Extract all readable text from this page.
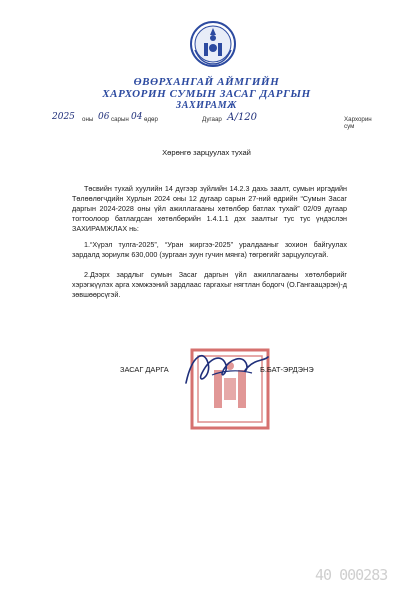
ӨВӨРХАНГАЙ АЙМГИЙН
ХАРХОРИН СУМЫН ЗАСАГ ДАРГЫН
ЗАХИРАМЖ
2025 оны 06 сарын 04 өдөр	Дугаар А/120	Хархорин сум
Хөрөнгө зарцуулах тухай

Төсвийн тухай хуулийн 14 дүгээр зүйлийн 14.2.3 дахь заалт, сумын иргэдийн Төлөөлөгчдийн Хурлын 2024 оны 12 дугаар сарын 27-ний өдрийн “Сумын Засаг даргын 2024-2028 оны үйл ажиллагааны хөтөлбөр батлах тухай” 02/09 дугаар тогтоолоор батлагдсан хөтөлбөрийн 1.4.1.1 дэх заалтыг тус тус үндэслэн ЗАХИРАМЖЛАХ нь:

1.“Хүрэл тулга-2025”, “Уран жиргээ-2025” уралдааныг зохион байгуулах зардалд зориулж 630,000 (зургаан зуун гучин мянга) төгрөгийг зарцуулсугай.

2.Дээрх зардлыг сумын Засаг даргын үйл ажиллагааны хөтөлбөрийг хэрэгжүүлэх арга хэмжээний зардлаас гаргахыг нягтлан бодогч (О.Гангаацэрэн)-д зөвшөөрсүгэй.

ЗАСАГ ДАРГА	Б.БАТ-ЭРДЭНЭ
40 000283
